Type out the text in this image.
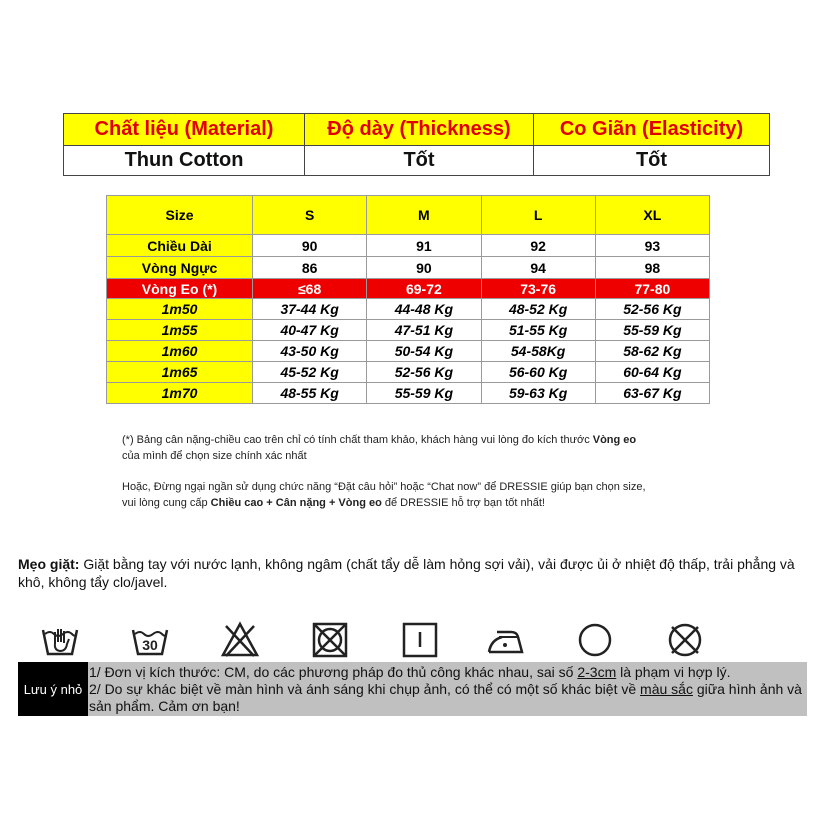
Chất liệu (Material)	Độ dày (Thickness)	Co Giãn (Elasticity)
Thun Cotton	Tốt	Tốt
Size	S	M	L	XL
Chiều Dài	90	91	92	93
Vòng Ngực	86	90	94	98
Vòng Eo (*)	≤68	69-72	73-76	77-80
1m50	37-44 Kg	44-48 Kg	48-52 Kg	52-56 Kg
1m55	40-47 Kg	47-51 Kg	51-55 Kg	55-59 Kg
1m60	43-50 Kg	50-54 Kg	54-58Kg	58-62 Kg
1m65	45-52 Kg	52-56 Kg	56-60 Kg	60-64 Kg
1m70	48-55 Kg	55-59 Kg	59-63 Kg	63-67 Kg
(*) Bảng cân nặng-chiều cao trên chỉ có tính chất tham khảo, khách hàng vui lòng đo kích thước Vòng eo
của mình để chọn size chính xác nhất
Hoặc, Đừng ngại ngần sử dụng chức năng “Đặt câu hỏi” hoặc “Chat now” để DRESSIE giúp bạn chọn size,
vui lòng cung cấp Chiều cao + Cân nặng + Vòng eo để DRESSIE hỗ trợ bạn tốt nhất!
Mẹo giặt: Giặt bằng tay với nước lạnh, không ngâm (chất tẩy dễ làm hỏng sợi vải), vải được ủi ở nhiệt độ thấp, trải phẳng và khô, không tẩy clo/javel.
30
Lưu ý nhỏ
1/ Đơn vị kích thước: CM, do các phương pháp đo thủ công khác nhau, sai số 2-3cm là phạm vi hợp lý.
2/ Do sự khác biệt về màn hình và ánh sáng khi chụp ảnh, có thể có một số khác biệt về màu sắc giữa hình ảnh và sản phẩm. Cảm ơn bạn!
